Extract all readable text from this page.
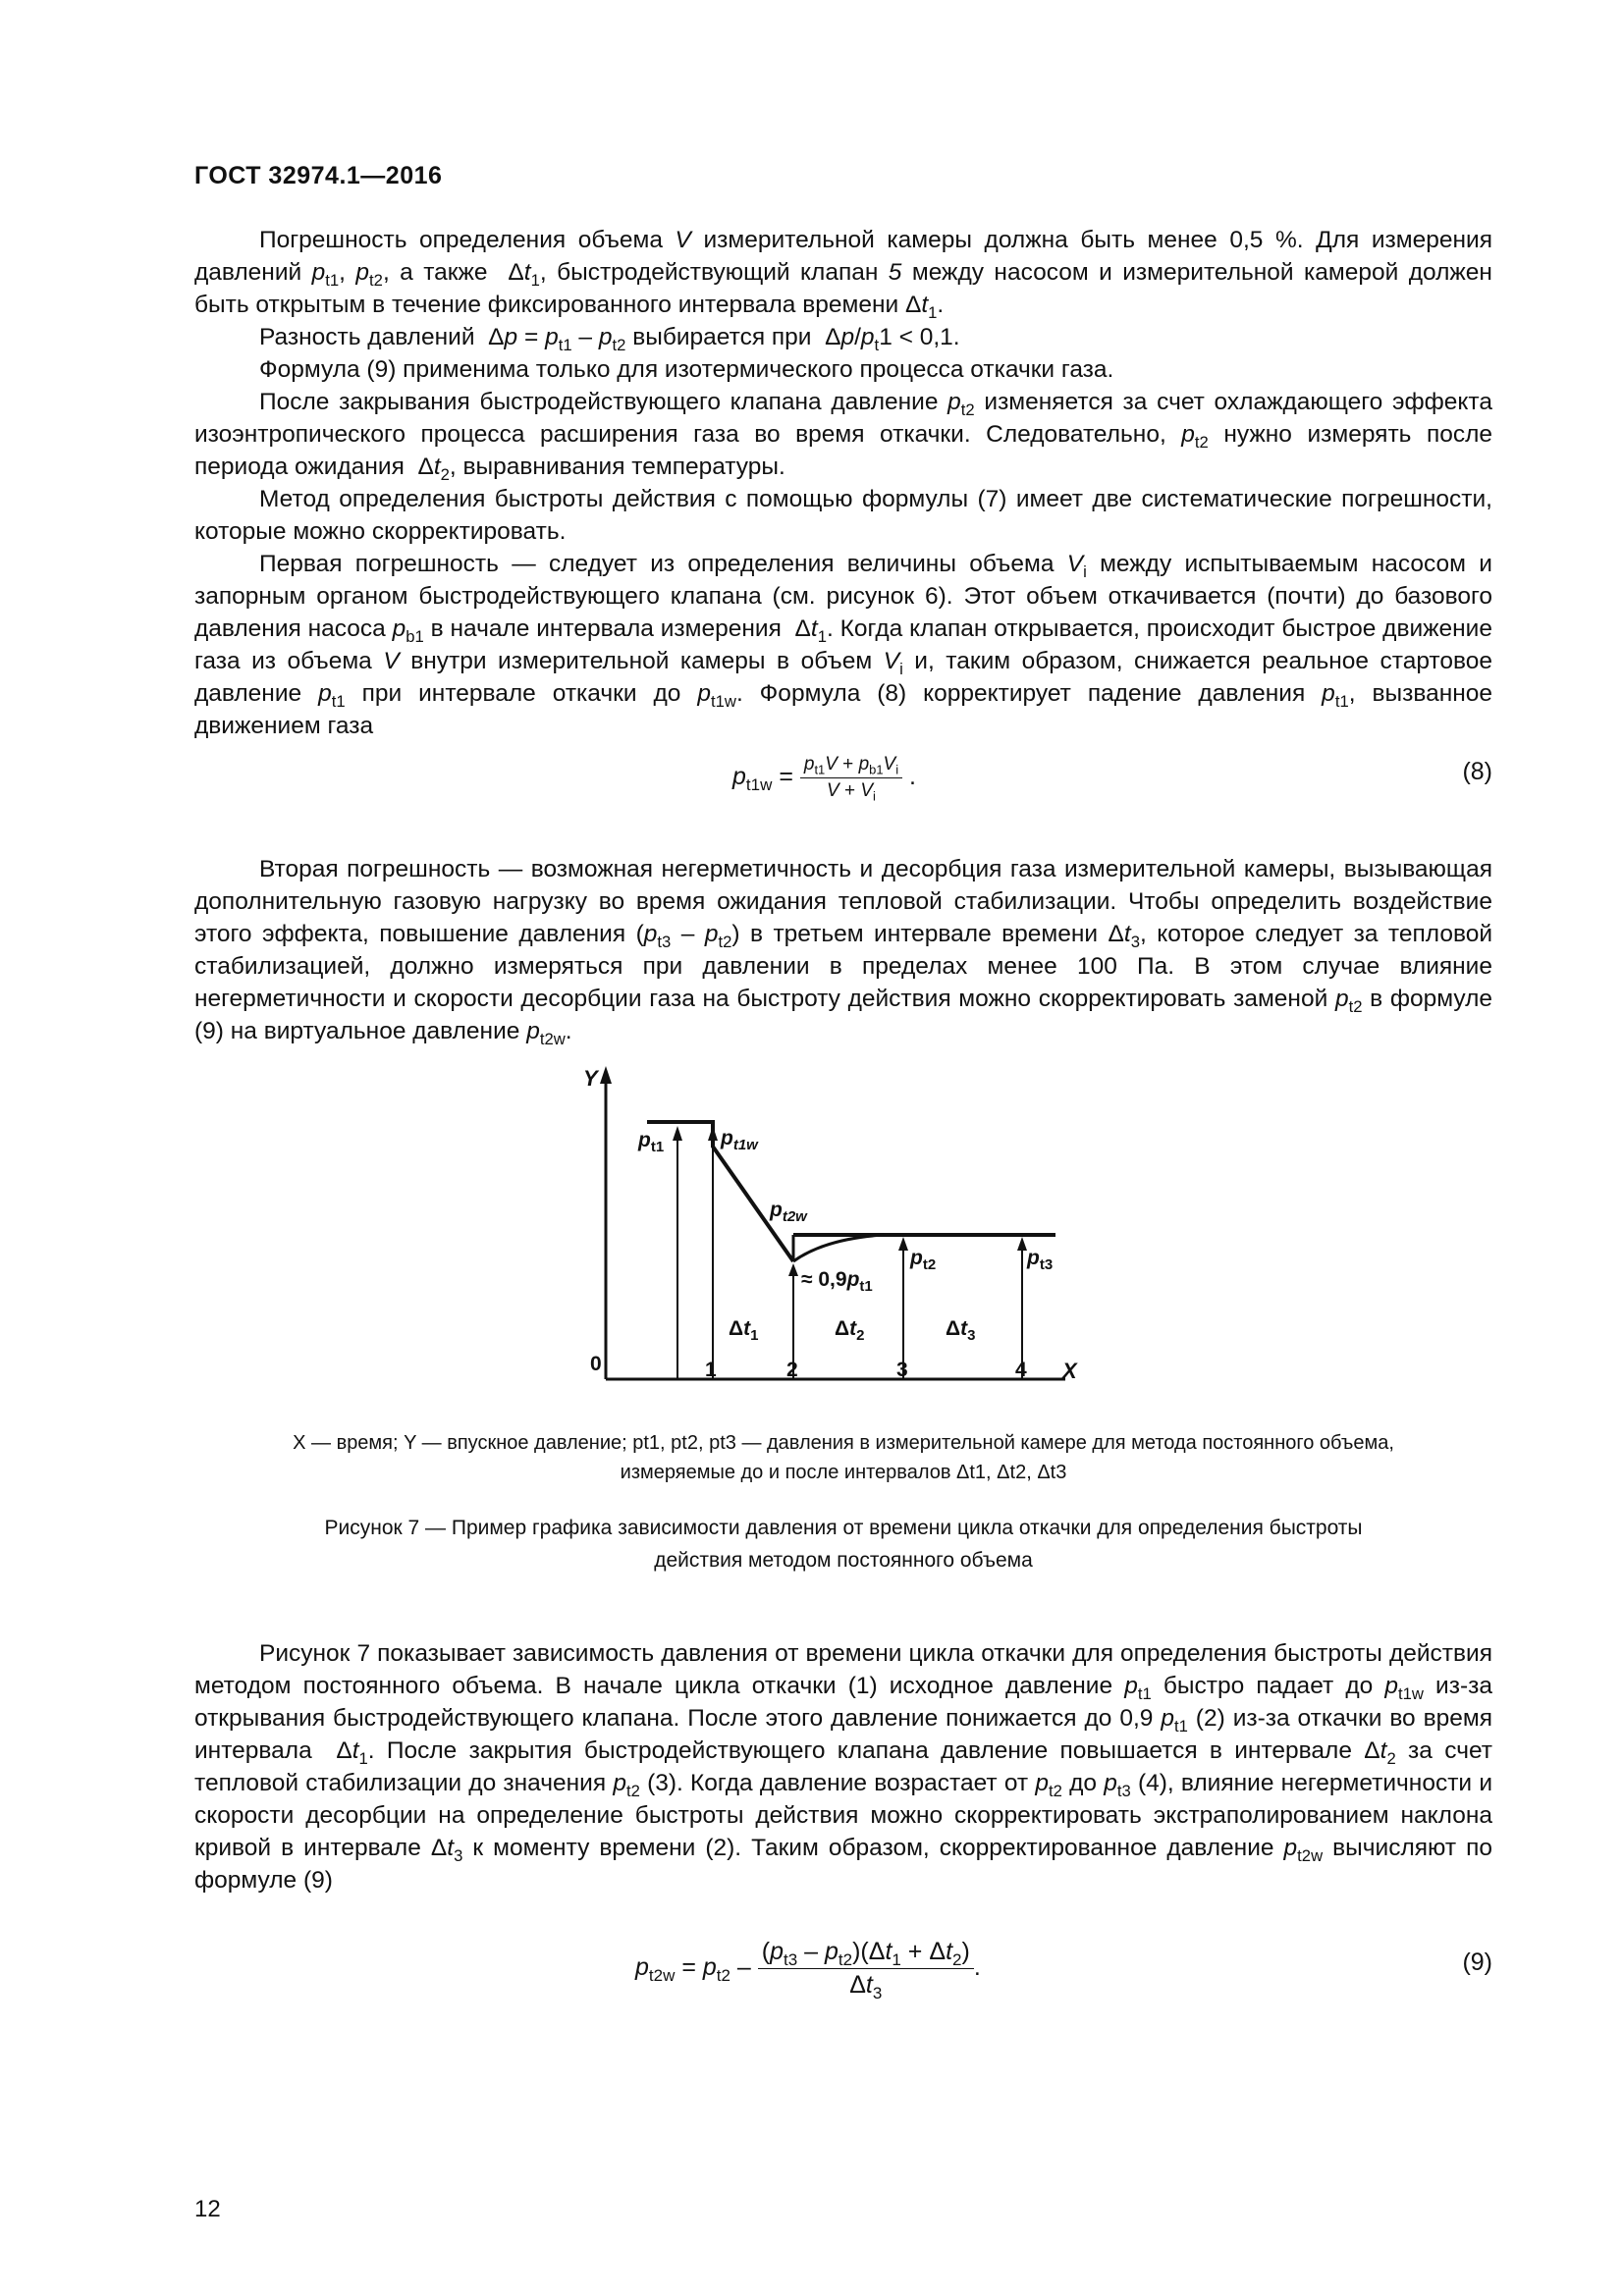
ГОСТ 32974.1—2016

Погрешность определения объема V измерительной камеры должна быть менее 0,5 %. Для измерения давлений $p_{t1}$, $p_{t2}$, а также  $\Delta t_1$, быстродействующий клапан 5 между насосом и измерительной камерой должен быть открытым в течение фиксированного интервала времени $\Delta t_1$.

Разность давлений  $\Delta p = p_{t1} - p_{t2}$ выбирается при  $\Delta p/p_t1 < 0,1$.

Формула (9) применима только для изотермического процесса откачки газа.

После закрывания быстродействующего клапана давление $p_{t2}$ изменяется за счет охлаждающего эффекта изоэнтропического процесса расширения газа во время откачки. Следовательно, $p_{t2}$ нужно измерять после периода ожидания  $\Delta t_2$, выравнивания температуры.

Метод определения быстроты действия с помощью формулы (7) имеет две систематические погрешности, которые можно скорректировать.

Первая погрешность — следует из определения величины объема $V_i$ между испытываемым насосом и запорным органом быстродействующего клапана (см. рисунок 6). Этот объем откачивается (почти) до базового давления насоса $p_{b1}$ в начале интервала измерения  $\Delta t_1$. Когда клапан открывается, происходит быстрое движение газа из объема V внутри измерительной камеры в объем $V_i$ и, таким образом, снижается реальное стартовое давление $p_{t1}$ при интервале откачки до $p_{t1w}$. Формула (8) корректирует падение давления $p_{t1}$, вызванное движением газа

$p_{t1w} = \frac{p_{t1}V + p_{b1}V_i}{V + V_i}$ .	(8)

Вторая погрешность — возможная негерметичность и десорбция газа измерительной камеры, вызывающая дополнительную газовую нагрузку во время ожидания тепловой стабилизации. Чтобы определить воздействие этого эффекта, повышение давления $(p_{t3} - p_{t2})$ в третьем интервале времени $\Delta t_3$, которое следует за тепловой стабилизацией, должно измеряться при давлении в пределах менее 100 Па. В этом случае влияние негерметичности и скорости десорбции газа на быстроту действия можно скорректировать заменой $p_{t2}$ в формуле (9) на виртуальное давление $p_{t2w}$.

Y
X
0	1	2	3	4
$p_{t1}$	$p_{t1w}$
$p_{t2w}$
≈ $0,9p_{t1}$
$p_{t2}$	$p_{t3}$
$\Delta t_1$	$\Delta t_2$	$\Delta t_3$
X — время; Y — впускное давление; pt1, pt2, pt3 — давления в измерительной камере для метода постоянного объема,
измеряемые до и после интервалов Δt1, Δt2, Δt3
Рисунок 7 — Пример графика зависимости давления от времени цикла откачки для определения быстроты
действия методом постоянного объема

Рисунок 7 показывает зависимость давления от времени цикла откачки для определения быстроты действия методом постоянного объема. В начале цикла откачки (1) исходное давление $p_{t1}$ быстро падает до $p_{t1w}$ из-за открывания быстродействующего клапана. После этого давление понижается до 0,9 $p_{t1}$ (2) из-за откачки во время интервала  $\Delta t_1$. После закрытия быстродействующего клапана давление повышается в интервале $\Delta t_2$ за счет тепловой стабилизации до значения $p_{t2}$ (3). Когда давление возрастает от $p_{t2}$ до $p_{t3}$ (4), влияние негерметичности и скорости десорбции на определение быстроты действия можно скорректировать экстраполированием наклона кривой в интервале $\Delta t_3$ к моменту времени (2). Таким образом, скорректированное давление $p_{t2w}$ вычисляют по формуле (9)

$p_{t2w} = p_{t2} - \frac{(p_{t3} - p_{t2})(\Delta t_1 + \Delta t_2)}{\Delta t_3}$ .	(9)
12
